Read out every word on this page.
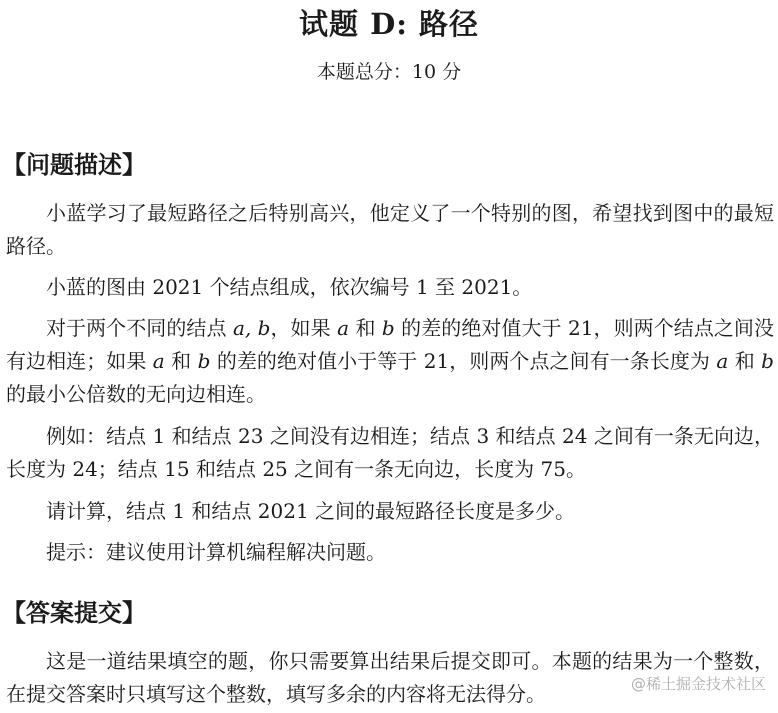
试题 D: 路径
本题总分：10 分
【问题描述】
小蓝学习了最短路径之后特别高兴，他定义了一个特别的图，希望找到图中的最短路径。
小蓝的图由 2021 个结点组成，依次编号 1 至 2021。
对于两个不同的结点 a, b，如果 a 和 b 的差的绝对值大于 21，则两个结点之间没有边相连；如果 a 和 b 的差的绝对值小于等于 21，则两个点之间有一条长度为 a 和 b 的最小公倍数的无向边相连。
例如：结点 1 和结点 23 之间没有边相连；结点 3 和结点 24 之间有一条无向边，长度为 24；结点 15 和结点 25 之间有一条无向边，长度为 75。
请计算，结点 1 和结点 2021 之间的最短路径长度是多少。
提示：建议使用计算机编程解决问题。
【答案提交】
这是一道结果填空的题，你只需要算出结果后提交即可。本题的结果为一个整数，在提交答案时只填写这个整数，填写多余的内容将无法得分。	@稀土掘金技术社区
